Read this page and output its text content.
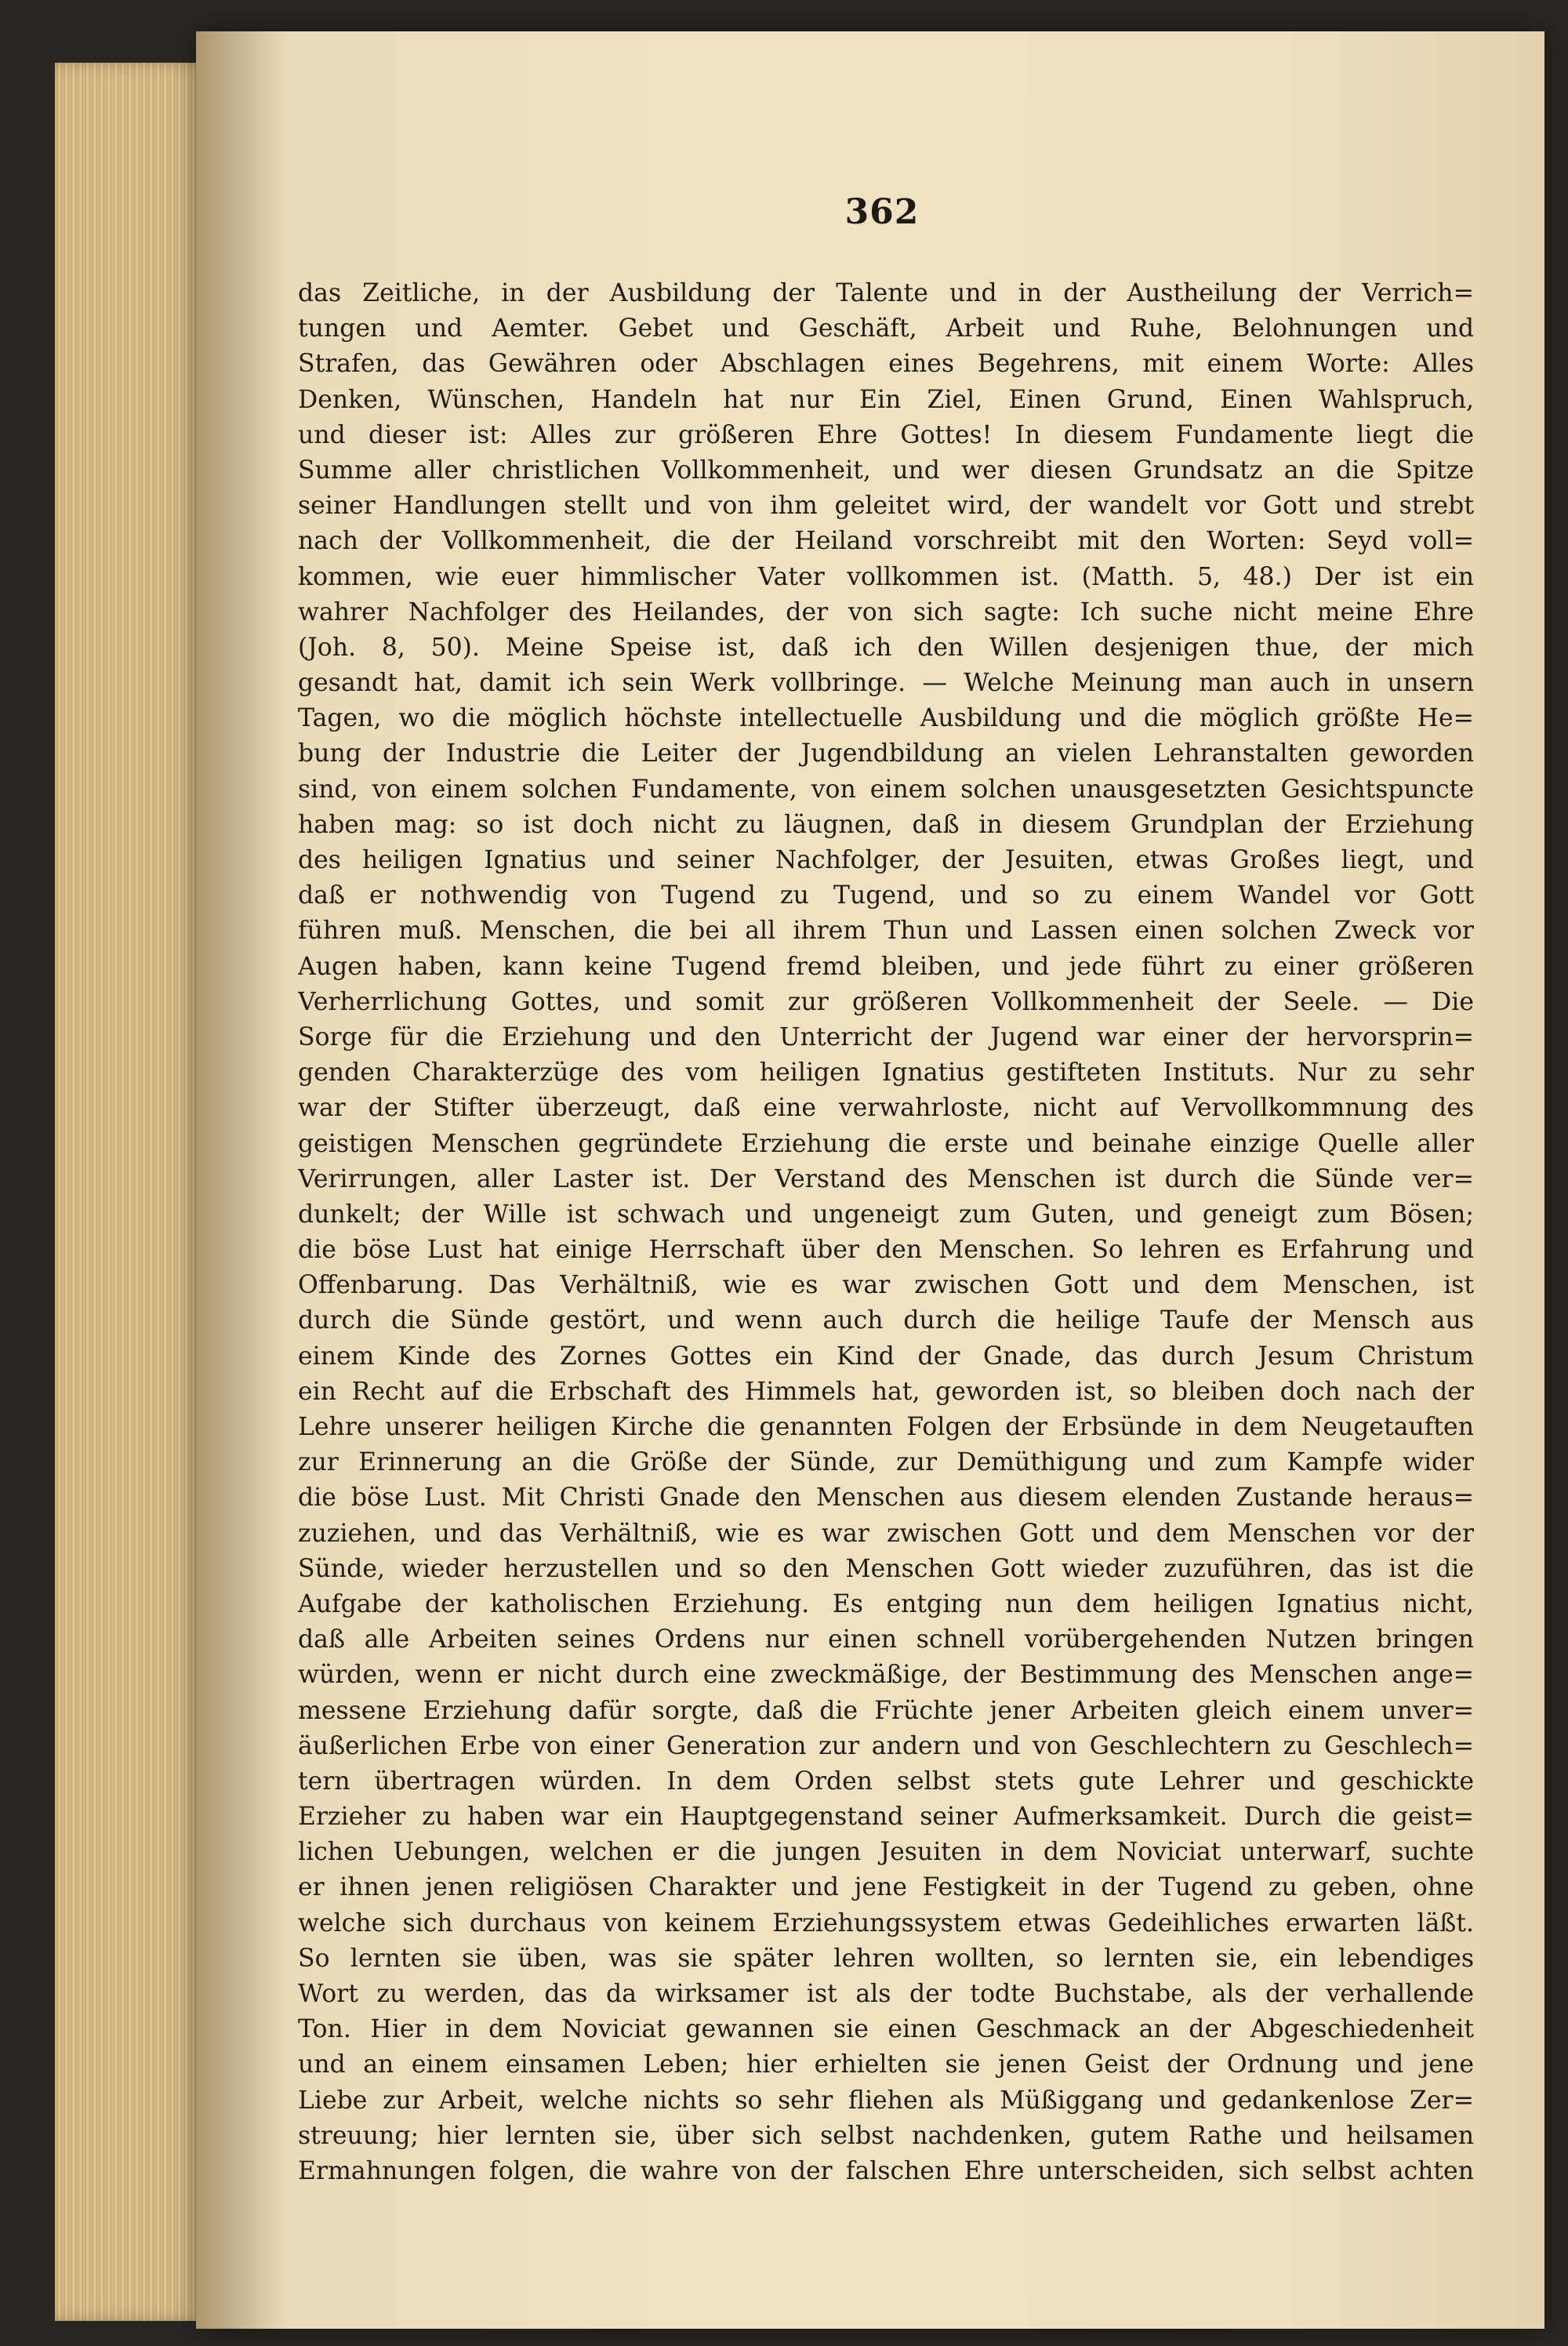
362
das Zeitliche, in der Ausbildung der Talente und in der Austheilung der Verrich=
tungen und Aemter. Gebet und Geschäft, Arbeit und Ruhe, Belohnungen und
Strafen, das Gewähren oder Abschlagen eines Begehrens, mit einem Worte: Alles
Denken, Wünschen, Handeln hat nur Ein Ziel, Einen Grund, Einen Wahlspruch,
und dieser ist: Alles zur größeren Ehre Gottes! In diesem Fundamente liegt die
Summe aller christlichen Vollkommenheit, und wer diesen Grundsatz an die Spitze
seiner Handlungen stellt und von ihm geleitet wird, der wandelt vor Gott und strebt
nach der Vollkommenheit, die der Heiland vorschreibt mit den Worten: Seyd voll=
kommen, wie euer himmlischer Vater vollkommen ist. (Matth. 5, 48.) Der ist ein
wahrer Nachfolger des Heilandes, der von sich sagte: Ich suche nicht meine Ehre
(Joh. 8, 50). Meine Speise ist, daß ich den Willen desjenigen thue, der mich
gesandt hat, damit ich sein Werk vollbringe. — Welche Meinung man auch in unsern
Tagen, wo die möglich höchste intellectuelle Ausbildung und die möglich größte He=
bung der Industrie die Leiter der Jugendbildung an vielen Lehranstalten geworden
sind, von einem solchen Fundamente, von einem solchen unausgesetzten Gesichtspuncte
haben mag: so ist doch nicht zu läugnen, daß in diesem Grundplan der Erziehung
des heiligen Ignatius und seiner Nachfolger, der Jesuiten, etwas Großes liegt, und
daß er nothwendig von Tugend zu Tugend, und so zu einem Wandel vor Gott
führen muß. Menschen, die bei all ihrem Thun und Lassen einen solchen Zweck vor
Augen haben, kann keine Tugend fremd bleiben, und jede führt zu einer größeren
Verherrlichung Gottes, und somit zur größeren Vollkommenheit der Seele. — Die
Sorge für die Erziehung und den Unterricht der Jugend war einer der hervorsprin=
genden Charakterzüge des vom heiligen Ignatius gestifteten Instituts. Nur zu sehr
war der Stifter überzeugt, daß eine verwahrloste, nicht auf Vervollkommnung des
geistigen Menschen gegründete Erziehung die erste und beinahe einzige Quelle aller
Verirrungen, aller Laster ist. Der Verstand des Menschen ist durch die Sünde ver=
dunkelt; der Wille ist schwach und ungeneigt zum Guten, und geneigt zum Bösen;
die böse Lust hat einige Herrschaft über den Menschen. So lehren es Erfahrung und
Offenbarung. Das Verhältniß, wie es war zwischen Gott und dem Menschen, ist
durch die Sünde gestört, und wenn auch durch die heilige Taufe der Mensch aus
einem Kinde des Zornes Gottes ein Kind der Gnade, das durch Jesum Christum
ein Recht auf die Erbschaft des Himmels hat, geworden ist, so bleiben doch nach der
Lehre unserer heiligen Kirche die genannten Folgen der Erbsünde in dem Neugetauften
zur Erinnerung an die Größe der Sünde, zur Demüthigung und zum Kampfe wider
die böse Lust. Mit Christi Gnade den Menschen aus diesem elenden Zustande heraus=
zuziehen, und das Verhältniß, wie es war zwischen Gott und dem Menschen vor der
Sünde, wieder herzustellen und so den Menschen Gott wieder zuzuführen, das ist die
Aufgabe der katholischen Erziehung. Es entging nun dem heiligen Ignatius nicht,
daß alle Arbeiten seines Ordens nur einen schnell vorübergehenden Nutzen bringen
würden, wenn er nicht durch eine zweckmäßige, der Bestimmung des Menschen ange=
messene Erziehung dafür sorgte, daß die Früchte jener Arbeiten gleich einem unver=
äußerlichen Erbe von einer Generation zur andern und von Geschlechtern zu Geschlech=
tern übertragen würden. In dem Orden selbst stets gute Lehrer und geschickte
Erzieher zu haben war ein Hauptgegenstand seiner Aufmerksamkeit. Durch die geist=
lichen Uebungen, welchen er die jungen Jesuiten in dem Noviciat unterwarf, suchte
er ihnen jenen religiösen Charakter und jene Festigkeit in der Tugend zu geben, ohne
welche sich durchaus von keinem Erziehungssystem etwas Gedeihliches erwarten läßt.
So lernten sie üben, was sie später lehren wollten, so lernten sie, ein lebendiges
Wort zu werden, das da wirksamer ist als der todte Buchstabe, als der verhallende
Ton. Hier in dem Noviciat gewannen sie einen Geschmack an der Abgeschiedenheit
und an einem einsamen Leben; hier erhielten sie jenen Geist der Ordnung und jene
Liebe zur Arbeit, welche nichts so sehr fliehen als Müßiggang und gedankenlose Zer=
streuung; hier lernten sie, über sich selbst nachdenken, gutem Rathe und heilsamen
Ermahnungen folgen, die wahre von der falschen Ehre unterscheiden, sich selbst achten
